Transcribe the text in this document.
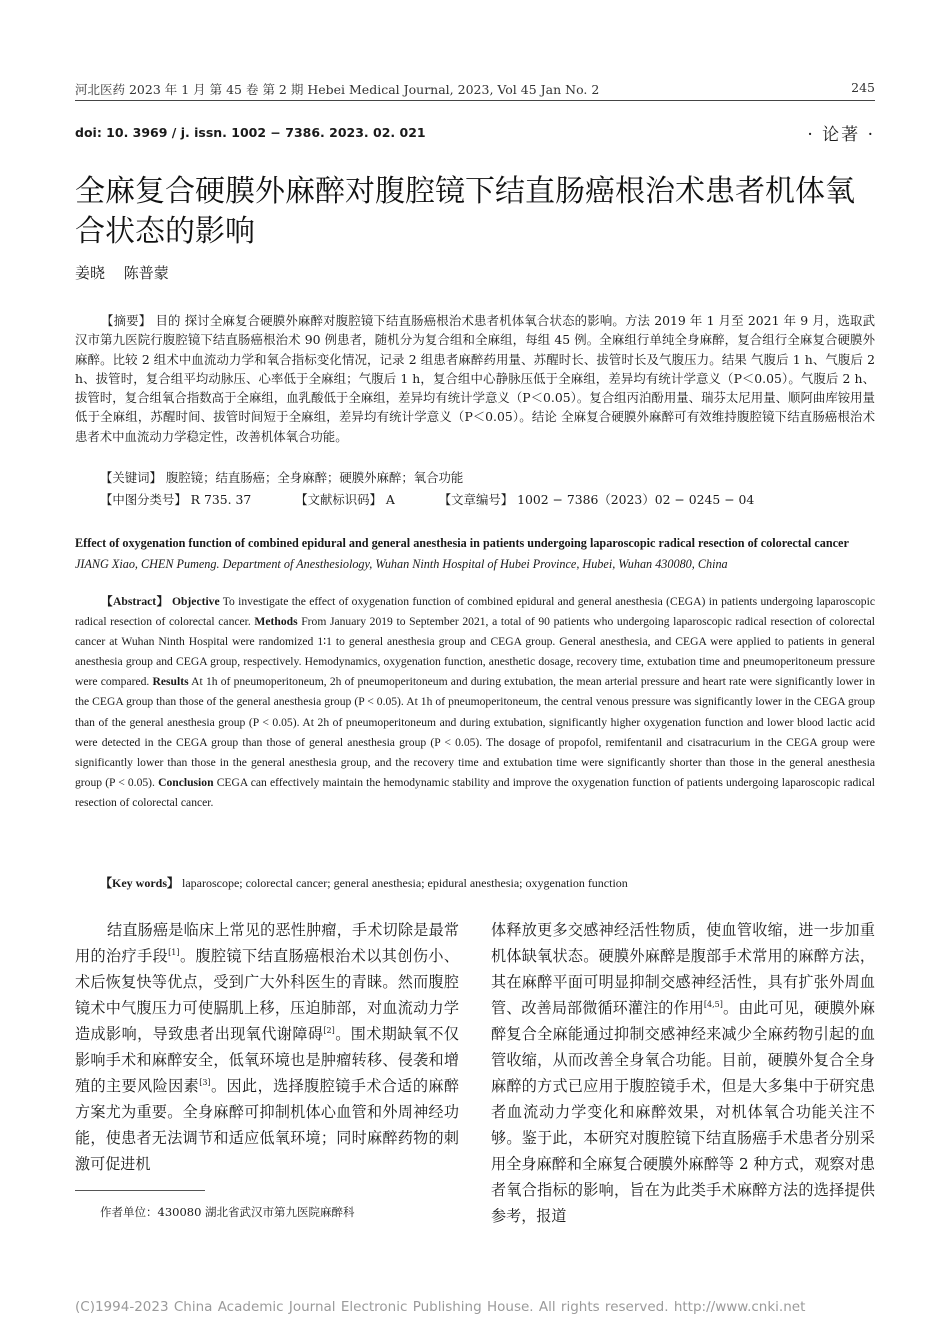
河北医药 2023 年 1 月 第 45 卷 第 2 期 Hebei Medical Journal, 2023, Vol 45 Jan No. 2	245
doi: 10. 3969 / j. issn. 1002 − 7386. 2023. 02. 021	· 论著 ·
全麻复合硬膜外麻醉对腹腔镜下结直肠癌根治术患者机体氧合状态的影响
姜晓 陈普蒙
【摘要】 目的 探讨全麻复合硬膜外麻醉对腹腔镜下结直肠癌根治术患者机体氧合状态的影响。方法 2019 年 1 月至 2021 年 9 月，选取武汉市第九医院行腹腔镜下结直肠癌根治术 90 例患者，随机分为复合组和全麻组，每组 45 例。全麻组行单纯全身麻醉，复合组行全麻复合硬膜外麻醉。比较 2 组术中血流动力学和氧合指标变化情况，记录 2 组患者麻醉药用量、苏醒时长、拔管时长及气腹压力。结果 气腹后 1 h、气腹后 2 h、拔管时，复合组平均动脉压、心率低于全麻组；气腹后 1 h，复合组中心静脉压低于全麻组，差异均有统计学意义（P＜0.05）。气腹后 2 h、拔管时，复合组氧合指数高于全麻组，血乳酸低于全麻组，差异均有统计学意义（P＜0.05）。复合组丙泊酚用量、瑞芬太尼用量、顺阿曲库铵用量低于全麻组，苏醒时间、拔管时间短于全麻组，差异均有统计学意义（P＜0.05）。结论 全麻复合硬膜外麻醉可有效维持腹腔镜下结直肠癌根治术患者术中血流动力学稳定性，改善机体氧合功能。
【关键词】 腹腔镜；结直肠癌；全身麻醉；硬膜外麻醉；氧合功能
【中图分类号】 R 735. 37	【文献标识码】 A	【文章编号】 1002 − 7386（2023）02 − 0245 − 04
Effect of oxygenation function of combined epidural and general anesthesia in patients undergoing laparoscopic radical resection of colorectal cancer JIANG Xiao, CHEN Pumeng. Department of Anesthesiology, Wuhan Ninth Hospital of Hubei Province, Hubei, Wuhan 430080, China
【Abstract】 Objective To investigate the effect of oxygenation function of combined epidural and general anesthesia (CEGA) in patients undergoing laparoscopic radical resection of colorectal cancer. Methods From January 2019 to September 2021, a total of 90 patients who undergoing laparoscopic radical resection of colorectal cancer at Wuhan Ninth Hospital were randomized 1∶1 to general anesthesia group and CEGA group. General anesthesia, and CEGA were applied to patients in general anesthesia group and CEGA group, respectively. Hemodynamics, oxygenation function, anesthetic dosage, recovery time, extubation time and pneumoperitoneum pressure were compared. Results At 1h of pneumoperitoneum, 2h of pneumoperitoneum and during extubation, the mean arterial pressure and heart rate were significantly lower in the CEGA group than those of the general anesthesia group (P < 0.05). At 1h of pneumoperitoneum, the central venous pressure was significantly lower in the CEGA group than of the general anesthesia group (P < 0.05). At 2h of pneumoperitoneum and during extubation, significantly higher oxygenation function and lower blood lactic acid were detected in the CEGA group than those of general anesthesia group (P < 0.05). The dosage of propofol, remifentanil and cisatracurium in the CEGA group were significantly lower than those in the general anesthesia group, and the recovery time and extubation time were significantly shorter than those in the general anesthesia group (P < 0.05). Conclusion CEGA can effectively maintain the hemodynamic stability and improve the oxygenation function of patients undergoing laparoscopic radical resection of colorectal cancer.
【Key words】 laparoscope; colorectal cancer; general anesthesia; epidural anesthesia; oxygenation function
结直肠癌是临床上常见的恶性肿瘤，手术切除是最常用的治疗手段[1]。腹腔镜下结直肠癌根治术以其创伤小、术后恢复快等优点，受到广大外科医生的青睐。然而腹腔镜术中气腹压力可使膈肌上移，压迫肺部，对血流动力学造成影响，导致患者出现氧代谢障碍[2]。围术期缺氧不仅影响手术和麻醉安全，低氧环境也是肿瘤转移、侵袭和增殖的主要风险因素[3]。因此，选择腹腔镜手术合适的麻醉方案尤为重要。全身麻醉可抑制机体心血管和外周神经功能，使患者无法调节和适应低氧环境；同时麻醉药物的刺激可促进机
体释放更多交感神经活性物质，使血管收缩，进一步加重机体缺氧状态。硬膜外麻醉是腹部手术常用的麻醉方法，其在麻醉平面可明显抑制交感神经活性，具有扩张外周血管、改善局部微循环灌注的作用[4,5]。由此可见，硬膜外麻醉复合全麻能通过抑制交感神经来减少全麻药物引起的血管收缩，从而改善全身氧合功能。目前，硬膜外复合全身麻醉的方式已应用于腹腔镜手术，但是大多集中于研究患者血流动力学变化和麻醉效果，对机体氧合功能关注不够。鉴于此，本研究对腹腔镜下结直肠癌手术患者分别采用全身麻醉和全麻复合硬膜外麻醉等 2 种方式，观察对患者氧合指标的影响，旨在为此类手术麻醉方法的选择提供参考，报道
作者单位：430080 湖北省武汉市第九医院麻醉科
(C)1994-2023 China Academic Journal Electronic Publishing House. All rights reserved. http://www.cnki.net
